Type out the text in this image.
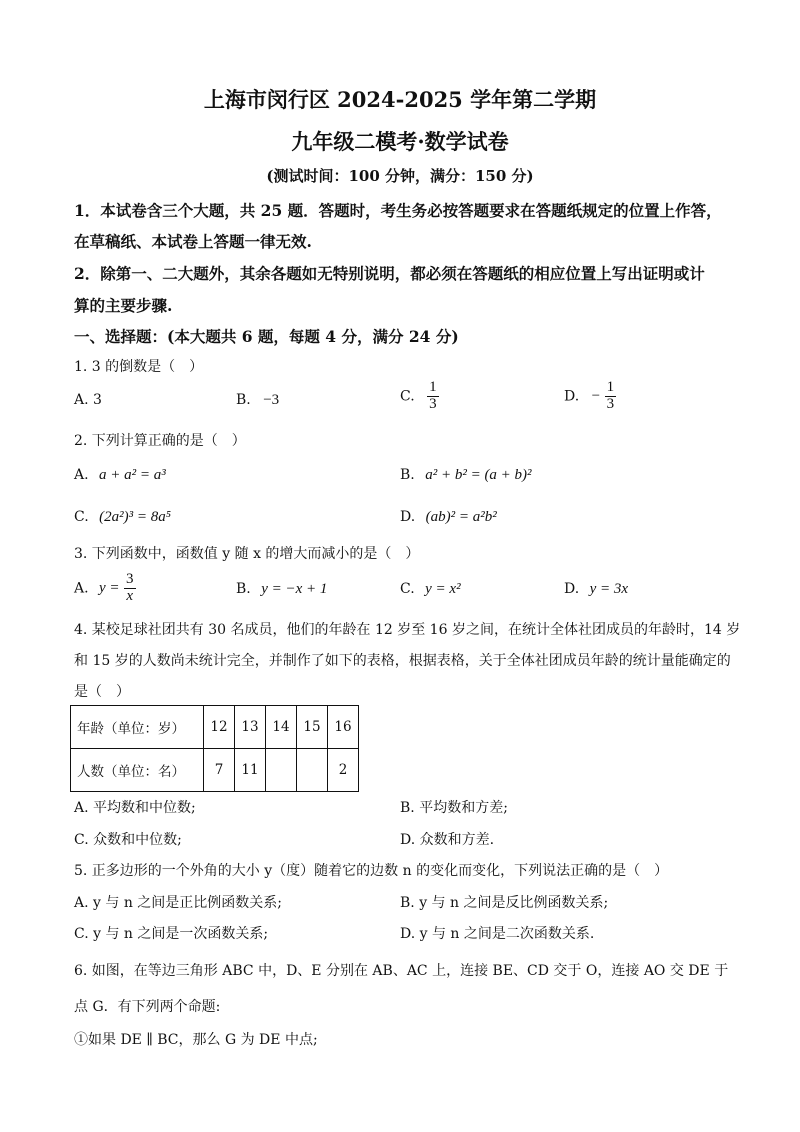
上海市闵行区 2024-2025 学年第二学期
九年级二模考·数学试卷
(测试时间：100 分钟，满分：150 分)
1．本试卷含三个大题，共 25 题．答题时，考生务必按答题要求在答题纸规定的位置上作答，
在草稿纸、本试卷上答题一律无效.
2．除第一、二大题外，其余各题如无特别说明，都必须在答题纸的相应位置上写出证明或计
算的主要步骤.
一、选择题：(本大题共 6 题，每题 4 分，满分 24 分)
1. 3 的倒数是（　）
A. 3	B. −3	C. $\frac{1}{3}$	D. − $\frac{1}{3}$
2. 下列计算正确的是（　）
A. a + a² = a³	B. a² + b² = (a + b)²
C. (2a²)³ = 8a⁵	D. (ab)² = a²b²
3. 下列函数中，函数值 y 随 x 的增大而减小的是（　）
A. $y = \frac{3}{x}$	B. y = −x + 1	C. y = x²	D. y = 3x
4. 某校足球社团共有 30 名成员，他们的年龄在 12 岁至 16 岁之间，在统计全体社团成员的年龄时，14 岁
和 15 岁的人数尚未统计完全，并制作了如下的表格，根据表格，关于全体社团成员年龄的统计量能确定的
是（　）
年龄（单位：岁）	12	13	14	15	16
人数（单位：名）	7	11			2
A. 平均数和中位数;	B. 平均数和方差;
C. 众数和中位数;	D. 众数和方差.
5. 正多边形的一个外角的大小 y（度）随着它的边数 n 的变化而变化，下列说法正确的是（　）
A. y 与 n 之间是正比例函数关系;	B. y 与 n 之间是反比例函数关系;
C. y 与 n 之间是一次函数关系;	D. y 与 n 之间是二次函数关系.
6. 如图，在等边三角形 ABC 中，D、E 分别在 AB、AC 上，连接 BE、CD 交于 O，连接 AO 交 DE 于
点 G．有下列两个命题:
①如果 DE ∥ BC，那么 G 为 DE 中点;
